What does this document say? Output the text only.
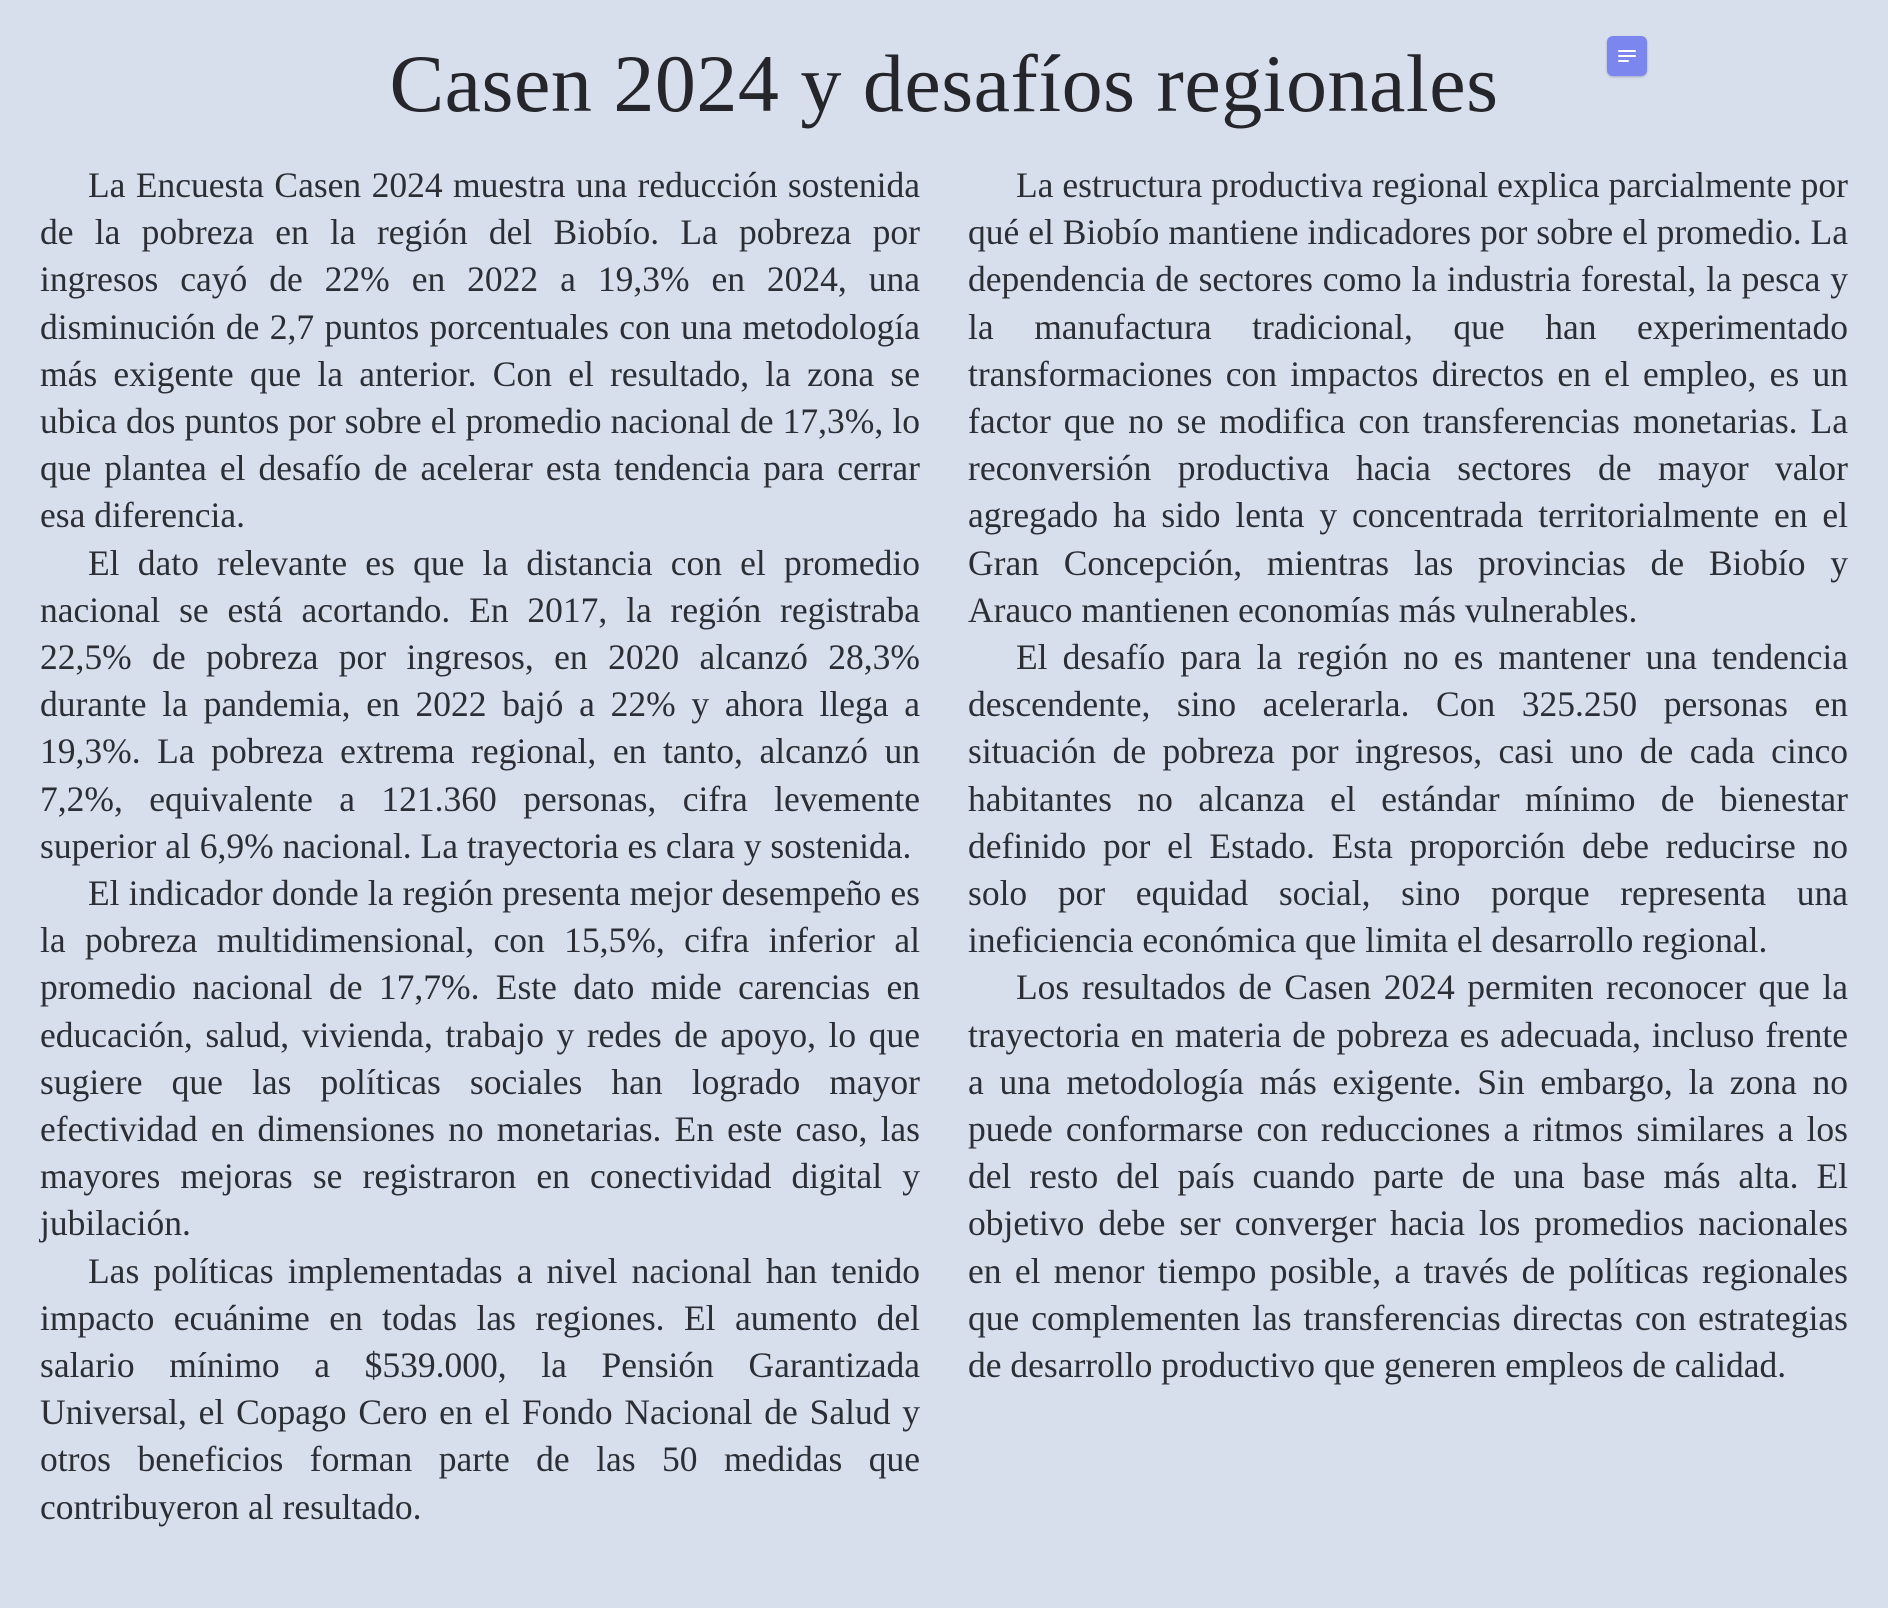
Casen 2024 y desafíos regionales

La Encuesta Casen 2024 muestra una reducción sostenida de la pobreza en la región del Biobío. La pobreza por ingresos cayó de 22% en 2022 a 19,3% en 2024, una disminución de 2,7 puntos porcentuales con una metodología más exigente que la anterior. Con el resultado, la zona se ubica dos puntos por sobre el promedio nacional de 17,3%, lo que plantea el desafío de acelerar esta tendencia para cerrar esa diferencia.

El dato relevante es que la distancia con el promedio nacional se está acortando. En 2017, la región registraba 22,5% de pobreza por ingresos, en 2020 alcanzó 28,3% durante la pandemia, en 2022 bajó a 22% y ahora llega a 19,3%. La pobreza extrema regional, en tanto, alcanzó un 7,2%, equivalente a 121.360 personas, cifra levemente superior al 6,9% nacional. La trayectoria es clara y sostenida.

El indicador donde la región presenta mejor desempeño es la pobreza multidimensional, con 15,5%, cifra inferior al promedio nacional de 17,7%. Este dato mide carencias en educación, salud, vivienda, trabajo y redes de apoyo, lo que sugiere que las políticas sociales han logrado mayor efectividad en dimensiones no monetarias. En este caso, las mayores mejoras se registraron en conectividad digital y jubilación.

Las políticas implementadas a nivel nacional han tenido impacto ecuánime en todas las regiones. El aumento del salario mínimo a $539.000, la Pensión Garantizada Universal, el Copago Cero en el Fondo Nacional de Salud y otros beneficios forman parte de las 50 medidas que contribuyeron al resultado.

La estructura productiva regional explica parcialmente por qué el Biobío mantiene indicadores por sobre el promedio. La dependencia de sectores como la industria forestal, la pesca y la manufactura tradicional, que han experimentado transformaciones con impactos directos en el empleo, es un factor que no se modifica con transferencias monetarias. La reconversión productiva hacia sectores de mayor valor agregado ha sido lenta y concentrada territorialmente en el Gran Concepción, mientras las provincias de Biobío y Arauco mantienen economías más vulnerables.

El desafío para la región no es mantener una tendencia descendente, sino acelerarla. Con 325.250 personas en situación de pobreza por ingresos, casi uno de cada cinco habitantes no alcanza el estándar mínimo de bienestar definido por el Estado. Esta proporción debe reducirse no solo por equidad social, sino porque representa una ineficiencia económica que limita el desarrollo regional.

Los resultados de Casen 2024 permiten reconocer que la trayectoria en materia de pobreza es adecuada, incluso frente a una metodología más exigente. Sin embargo, la zona no puede conformarse con reducciones a ritmos similares a los del resto del país cuando parte de una base más alta. El objetivo debe ser converger hacia los promedios nacionales en el menor tiempo posible, a través de políticas regionales que complementen las transferencias directas con estrategias de desarrollo productivo que generen empleos de calidad.
